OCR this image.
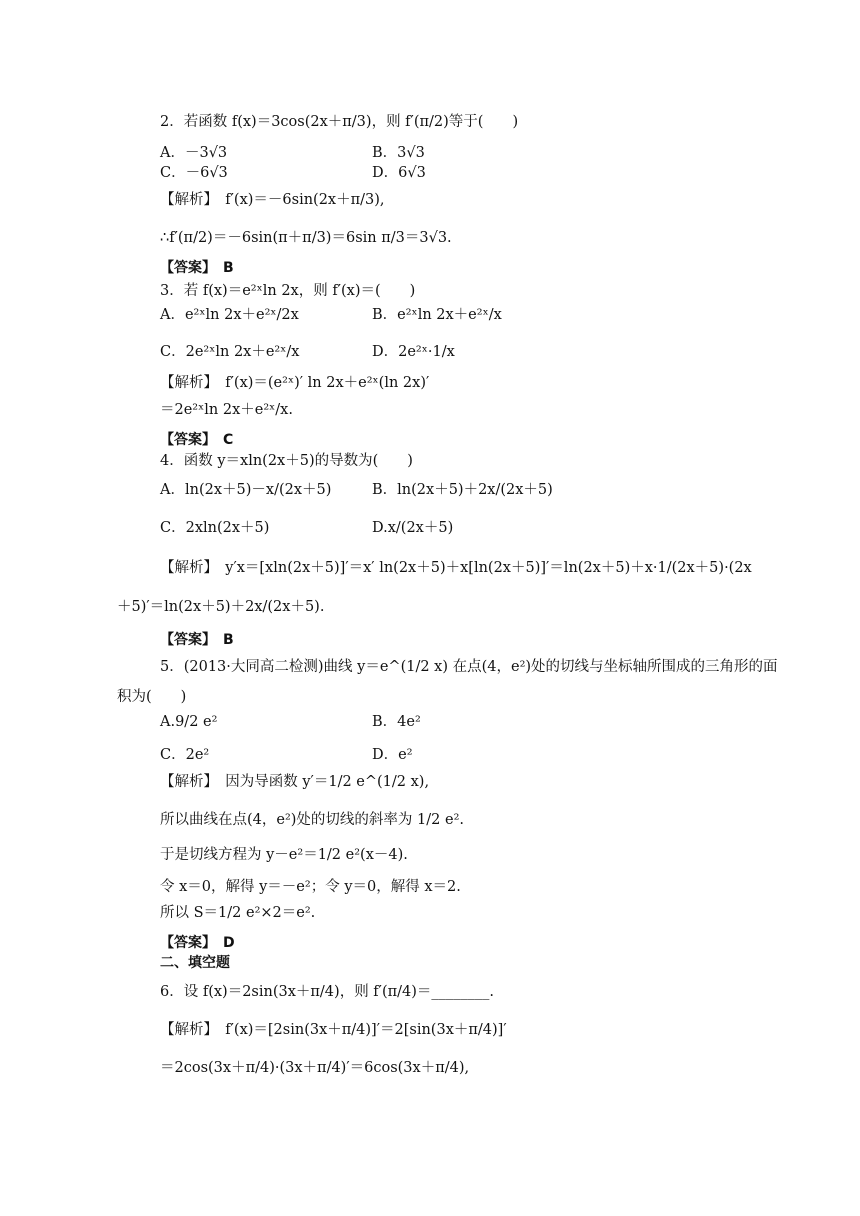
2．若函数 f(x)＝3cos(2x＋π/3)，则 f′(π/2)等于(　　)
A．－3√3	B．3√3
C．－6√3	D．6√3
【解析】　f′(x)＝－6sin(2x＋π/3),
∴f′(π/2)＝－6sin(π＋π/3)＝6sin π/3＝3√3.
【答案】　B
3．若 f(x)＝e²ˣln 2x，则 f′(x)＝(　　)
A．e²ˣln 2x＋e²ˣ/2x	B．e²ˣln 2x＋e²ˣ/x
C．2e²ˣln 2x＋e²ˣ/x	D．2e²ˣ·1/x
【解析】　f′(x)＝(e²ˣ)′ ln 2x＋e²ˣ(ln 2x)′
＝2e²ˣln 2x＋e²ˣ/x.
【答案】　C
4．函数 y＝xln(2x＋5)的导数为(　　)
A．ln(2x＋5)－x/(2x＋5)	B．ln(2x＋5)＋2x/(2x＋5)
C．2xln(2x＋5)	D.x/(2x＋5)
【解析】　y′x＝[xln(2x＋5)]′＝x′ ln(2x＋5)＋x[ln(2x＋5)]′＝ln(2x＋5)＋x·1/(2x＋5)·(2x
＋5)′＝ln(2x＋5)＋2x/(2x＋5).
【答案】　B
5．(2013·大同高二检测)曲线 y＝e^(1/2 x) 在点(4，e²)处的切线与坐标轴所围成的三角形的面
积为(　　)
A.9/2 e²	B．4e²
C．2e²	D．e²
【解析】　因为导函数 y′＝1/2 e^(1/2 x),
所以曲线在点(4，e²)处的切线的斜率为 1/2 e².
于是切线方程为 y－e²＝1/2 e²(x－4).
令 x＝0，解得 y＝－e²；令 y＝0，解得 x＝2.
所以 S＝1/2 e²×2＝e².
【答案】　D
二、填空题
6．设 f(x)＝2sin(3x＋π/4)，则 f′(π/4)＝________.
【解析】　f′(x)＝[2sin(3x＋π/4)]′＝2[sin(3x＋π/4)]′
＝2cos(3x＋π/4)·(3x＋π/4)′＝6cos(3x＋π/4),
